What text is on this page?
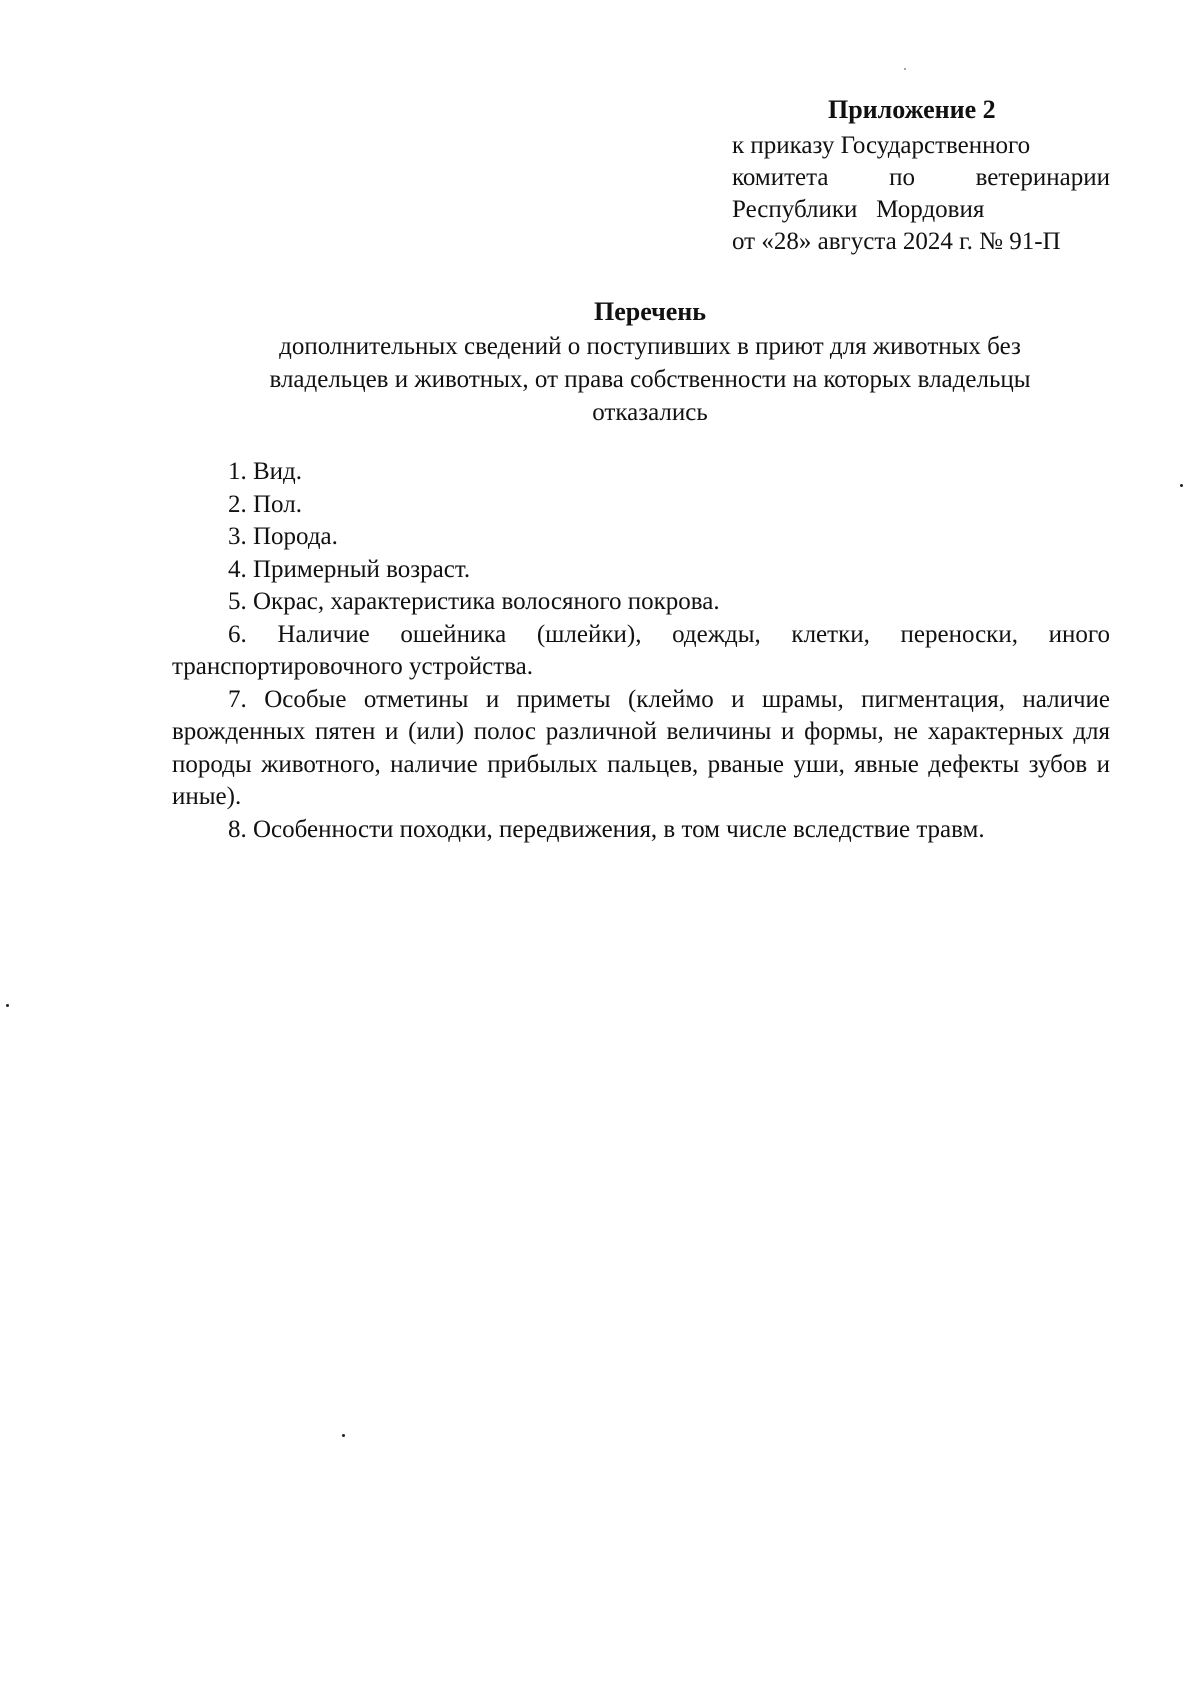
Приложение 2
к приказу Государственного
комитета по ветеринарии
Республики   Мордовия
от «28» августа 2024 г. № 91-П
Перечень
дополнительных сведений о поступивших в приют для животных без
владельцев и животных, от права собственности на которых владельцы
отказались
1. Вид.
2. Пол.
3. Порода.
4. Примерный возраст.
5. Окрас, характеристика волосяного покрова.
6. Наличие ошейника (шлейки), одежды, клетки, переноски, иного транспортировочного устройства.
7. Особые отметины и приметы (клеймо и шрамы, пигментация, наличие врожденных пятен и (или) полос различной величины и формы, не характерных для породы животного, наличие прибылых пальцев, рваные уши, явные дефекты зубов и иные).
8. Особенности походки, передвижения, в том числе вследствие травм.
